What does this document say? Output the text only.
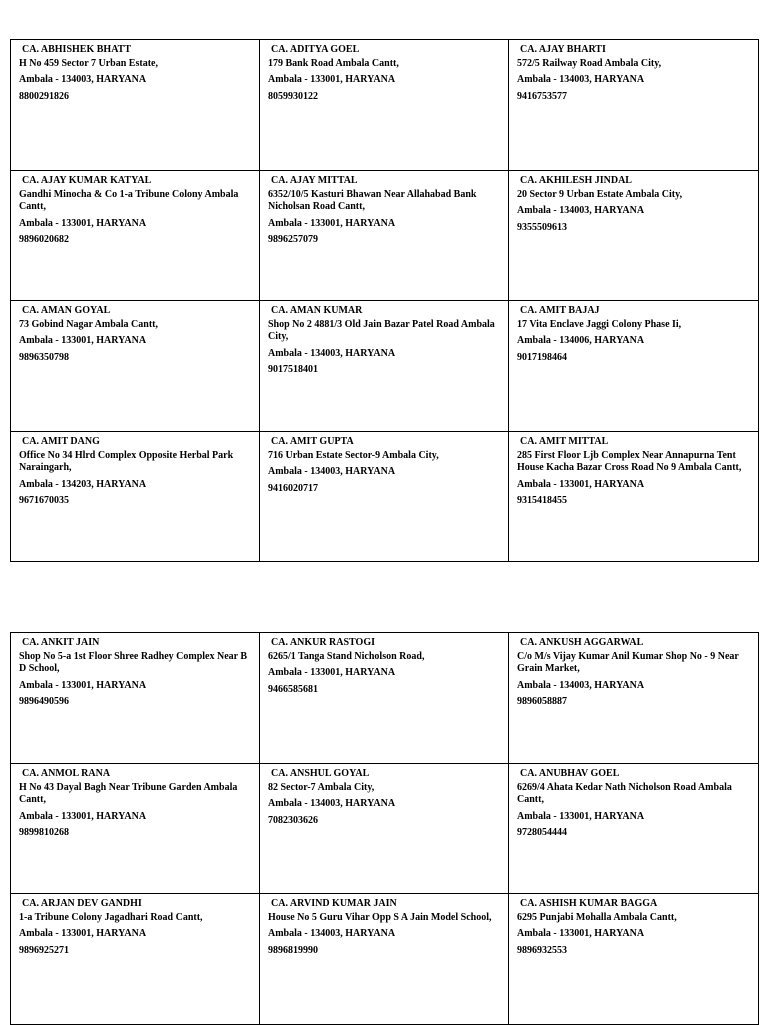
CA. ABHISHEK BHATT
H No 459 Sector 7 Urban Estate,
Ambala - 134003, HARYANA
8800291826
CA. ADITYA GOEL
179 Bank Road Ambala Cantt,
Ambala - 133001, HARYANA
8059930122
CA. AJAY BHARTI
572/5 Railway Road Ambala City,
Ambala - 134003, HARYANA
9416753577
CA. AJAY KUMAR KATYAL
Gandhi Minocha & Co 1-a Tribune Colony Ambala Cantt,
Ambala - 133001, HARYANA
9896020682
CA. AJAY MITTAL
6352/10/5 Kasturi Bhawan Near Allahabad Bank Nicholsan Road Cantt,
Ambala - 133001, HARYANA
9896257079
CA. AKHILESH JINDAL
20 Sector 9 Urban Estate Ambala City,
Ambala - 134003, HARYANA
9355509613
CA. AMAN GOYAL
73 Gobind Nagar Ambala Cantt,
Ambala - 133001, HARYANA
9896350798
CA. AMAN KUMAR
Shop No 2 4881/3 Old Jain Bazar Patel Road Ambala City,
Ambala - 134003, HARYANA
9017518401
CA. AMIT BAJAJ
17 Vita Enclave Jaggi Colony Phase Ii,
Ambala - 134006, HARYANA
9017198464
CA. AMIT DANG
Office No 34 Hlrd Complex Opposite Herbal Park Naraingarh,
Ambala - 134203, HARYANA
9671670035
CA. AMIT GUPTA
716 Urban Estate Sector-9 Ambala City,
Ambala - 134003, HARYANA
9416020717
CA. AMIT MITTAL
285 First Floor Ljb Complex Near Annapurna Tent House Kacha Bazar Cross Road No 9 Ambala Cantt,
Ambala - 133001, HARYANA
9315418455
CA. ANKIT JAIN
Shop No 5-a 1st Floor Shree Radhey Complex Near B D School,
Ambala - 133001, HARYANA
9896490596
CA. ANKUR RASTOGI
6265/1 Tanga Stand Nicholson Road,
Ambala - 133001, HARYANA
9466585681
CA. ANKUSH AGGARWAL
C/o M/s Vijay Kumar Anil Kumar Shop No - 9 Near Grain Market,
Ambala - 134003, HARYANA
9896058887
CA. ANMOL RANA
H No 43 Dayal Bagh Near Tribune Garden Ambala Cantt,
Ambala - 133001, HARYANA
9899810268
CA. ANSHUL GOYAL
82 Sector-7 Ambala City,
Ambala - 134003, HARYANA
7082303626
CA. ANUBHAV GOEL
6269/4 Ahata Kedar Nath Nicholson Road Ambala Cantt,
Ambala - 133001, HARYANA
9728054444
CA. ARJAN DEV GANDHI
1-a Tribune Colony Jagadhari Road Cantt,
Ambala - 133001, HARYANA
9896925271
CA. ARVIND KUMAR JAIN
House No 5 Guru Vihar Opp S A Jain Model School,
Ambala - 134003, HARYANA
9896819990
CA. ASHISH KUMAR BAGGA
6295 Punjabi Mohalla Ambala Cantt,
Ambala - 133001, HARYANA
9896932553
